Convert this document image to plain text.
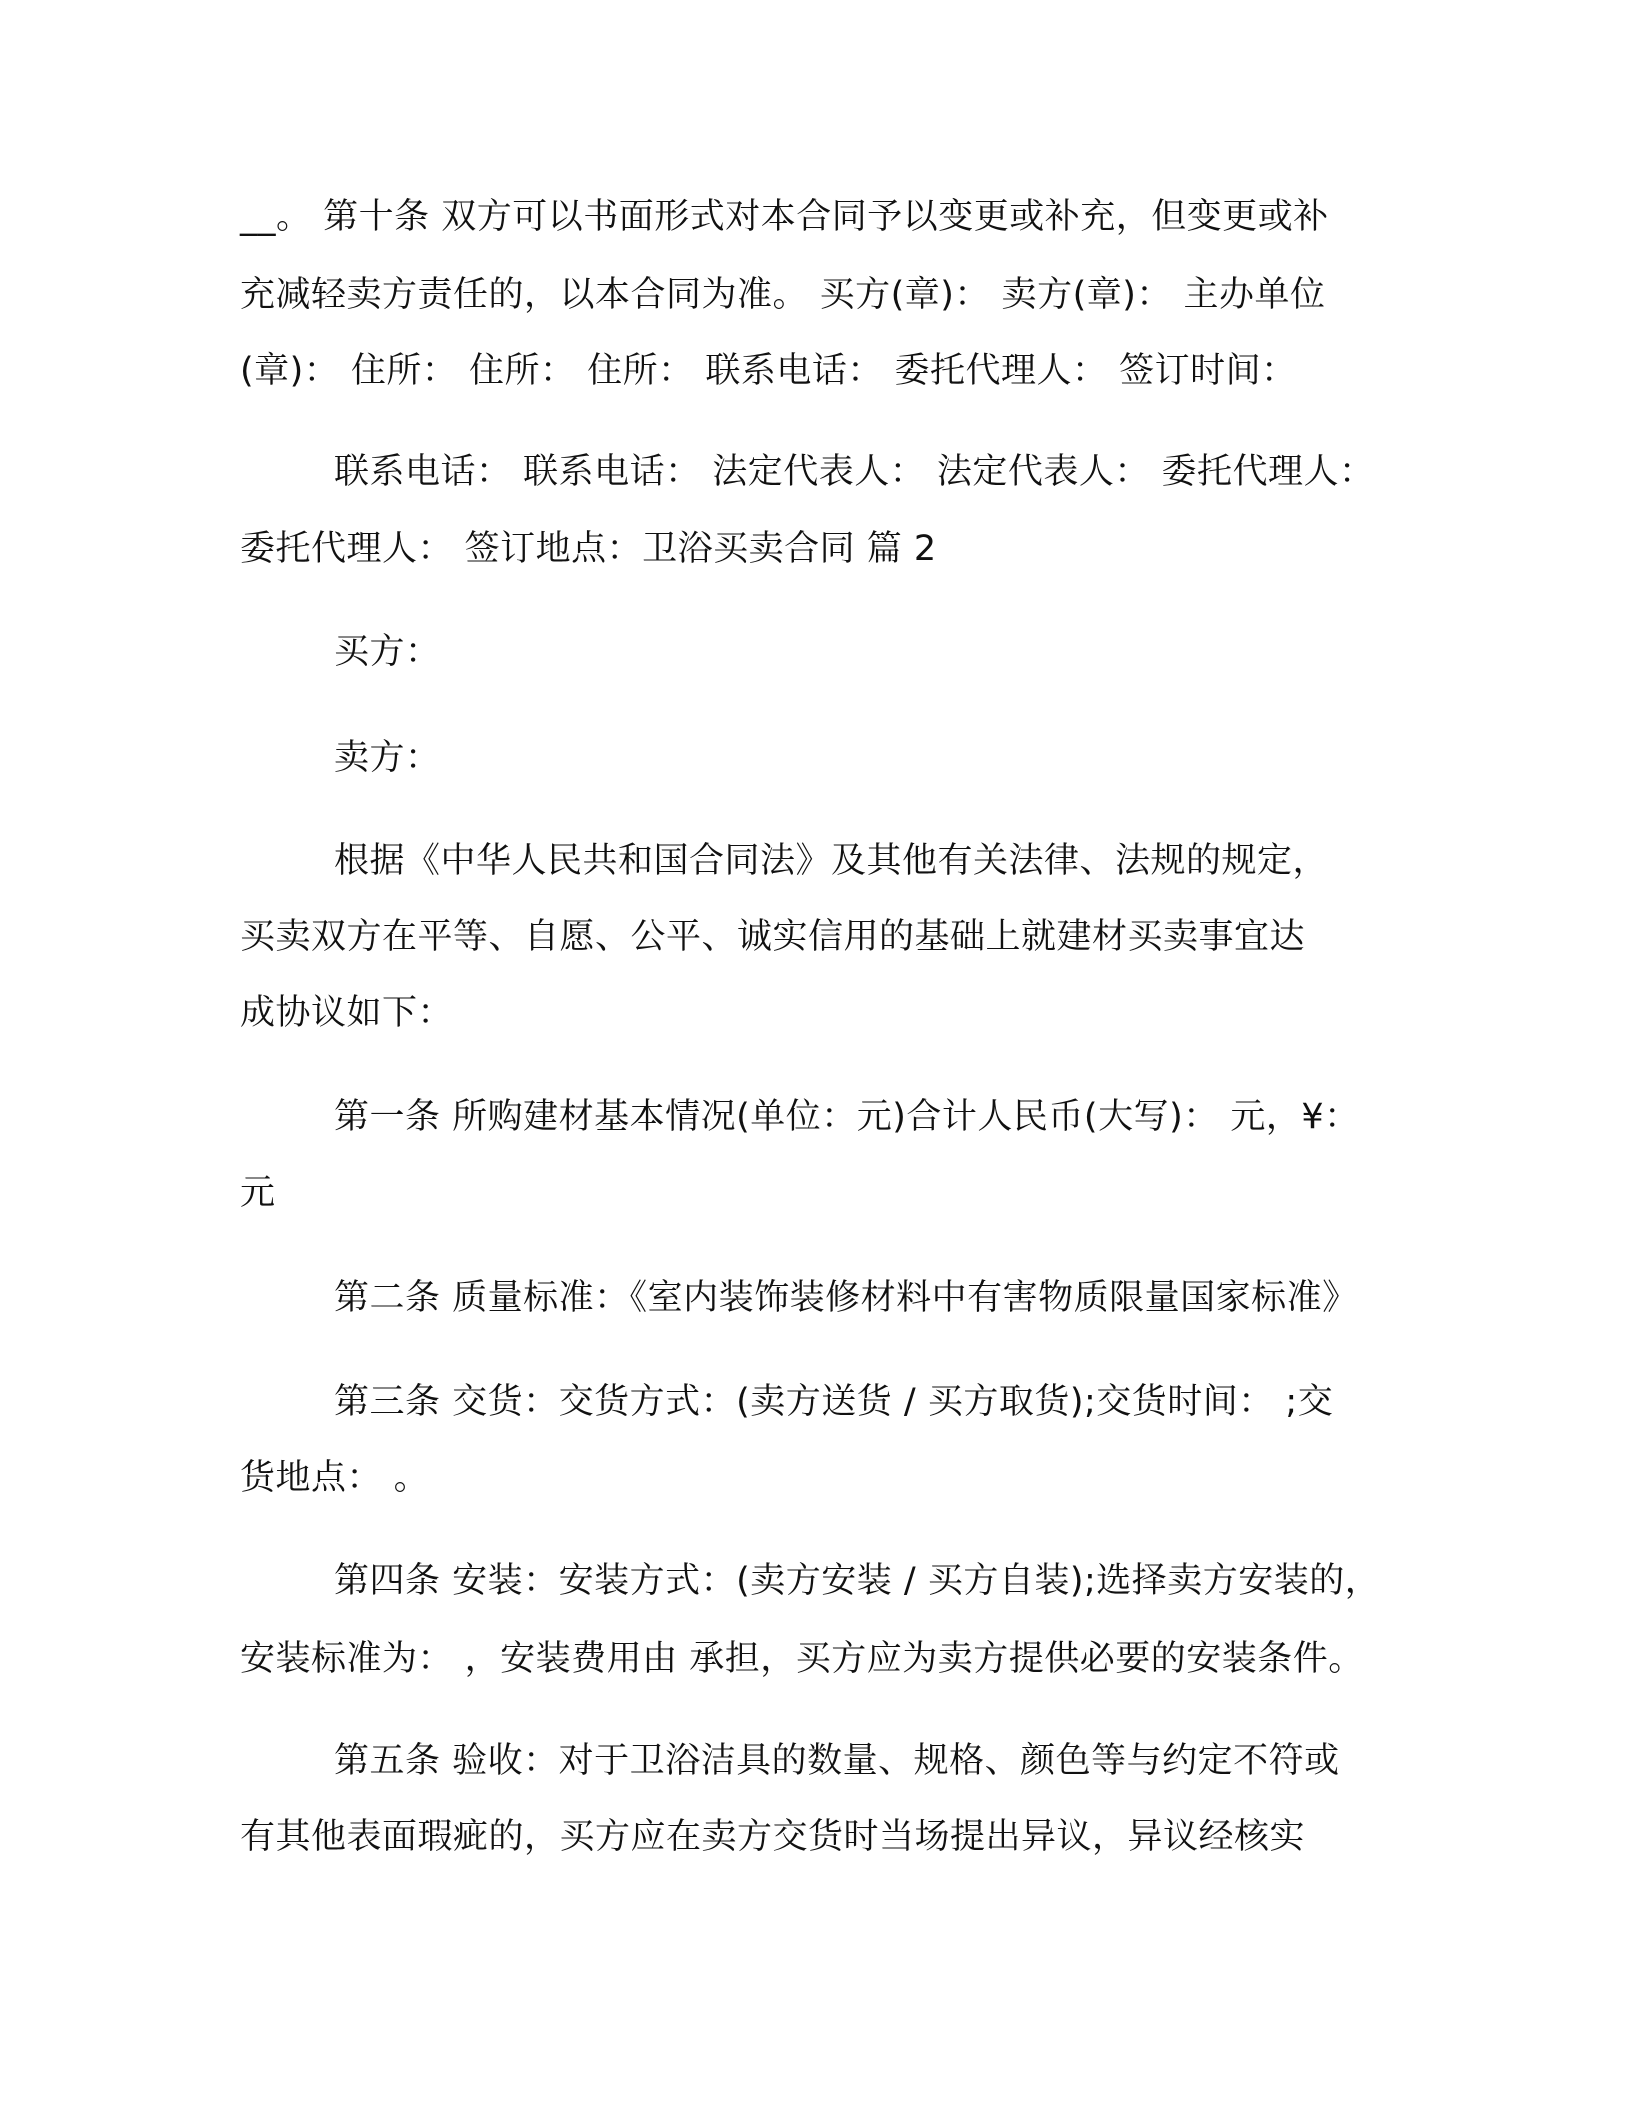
__。 第十条 双方可以书面形式对本合同予以变更或补充，但变更或补
充减轻卖方责任的，以本合同为准。 买方(章)： 卖方(章)： 主办单位
(章)： 住所： 住所： 住所： 联系电话： 委托代理人： 签订时间：
联系电话： 联系电话： 法定代表人： 法定代表人： 委托代理人：
委托代理人： 签订地点：卫浴买卖合同 篇 2
买方：
卖方：
根据《中华人民共和国合同法》及其他有关法律、法规的规定，
买卖双方在平等、自愿、公平、诚实信用的基础上就建材买卖事宜达
成协议如下：
第一条 所购建材基本情况(单位：元)合计人民币(大写)： 元，¥：
元
第二条 质量标准：《室内装饰装修材料中有害物质限量国家标准》
第三条 交货：交货方式：(卖方送货 / 买方取货);交货时间： ;交
货地点： 。
第四条 安装：安装方式：(卖方安装 / 买方自装);选择卖方安装的，
安装标准为： ，安装费用由 承担，买方应为卖方提供必要的安装条件。
第五条 验收：对于卫浴洁具的数量、规格、颜色等与约定不符或
有其他表面瑕疵的，买方应在卖方交货时当场提出异议，异议经核实
